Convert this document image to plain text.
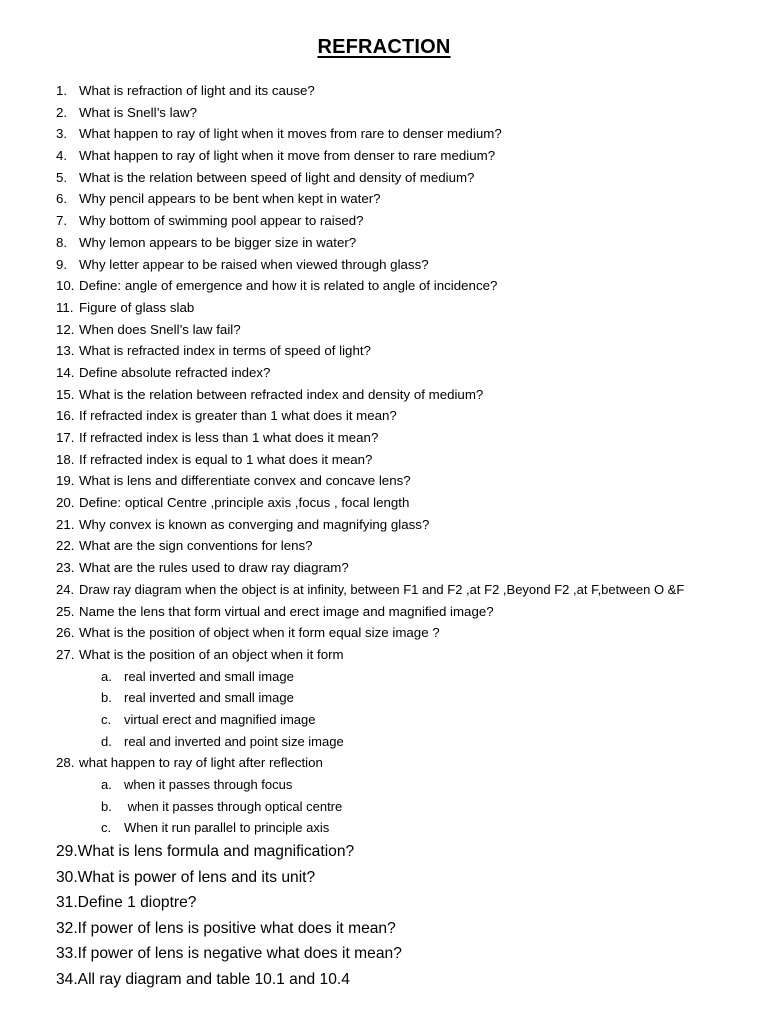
REFRACTION
1. What is refraction of light and its cause?
2. What is Snell’s law?
3. What happen to ray of light when it moves from rare to denser medium?
4. What happen to ray of light when it move from denser to rare medium?
5. What is the relation between speed of light and density of medium?
6. Why pencil appears to be bent when kept in water?
7. Why bottom of swimming pool appear to raised?
8. Why lemon appears to be bigger size in water?
9. Why letter appear to be raised when viewed through glass?
10. Define: angle of emergence and how it is related to angle of incidence?
11. Figure of glass slab
12. When does Snell’s law fail?
13. What is refracted index in terms of speed of light?
14. Define absolute refracted index?
15. What is the relation between refracted index and density of medium?
16. If refracted index is greater than 1 what does it mean?
17. If refracted index is less than 1 what does it mean?
18. If refracted index is equal to 1 what does it mean?
19. What is lens and differentiate convex and concave lens?
20. Define: optical Centre ,principle axis ,focus , focal length
21. Why convex is known as converging and magnifying glass?
22. What are the sign conventions for lens?
23. What are the rules used to draw ray diagram?
24. Draw ray diagram when the object is at infinity, between F1 and F2 ,at F2 ,Beyond F2 ,at F,between O &F
25. Name the lens that form virtual and erect image and magnified image?
26. What is the position of object when it form equal size image ?
27. What is the position of an object when it form
a. real inverted and small image
b. real inverted and small image
c. virtual erect and magnified image
d. real and inverted and point size image
28. what happen to ray of light after reflection
a. when it passes through focus
b. when it passes through optical centre
c. When it run parallel to principle axis
29.What is lens formula and magnification?
30.What is power of lens and its unit?
31.Define 1 dioptre?
32.If power of lens is positive what does it mean?
33.If power of lens is negative what does it mean?
34.All ray diagram and table 10.1 and 10.4
